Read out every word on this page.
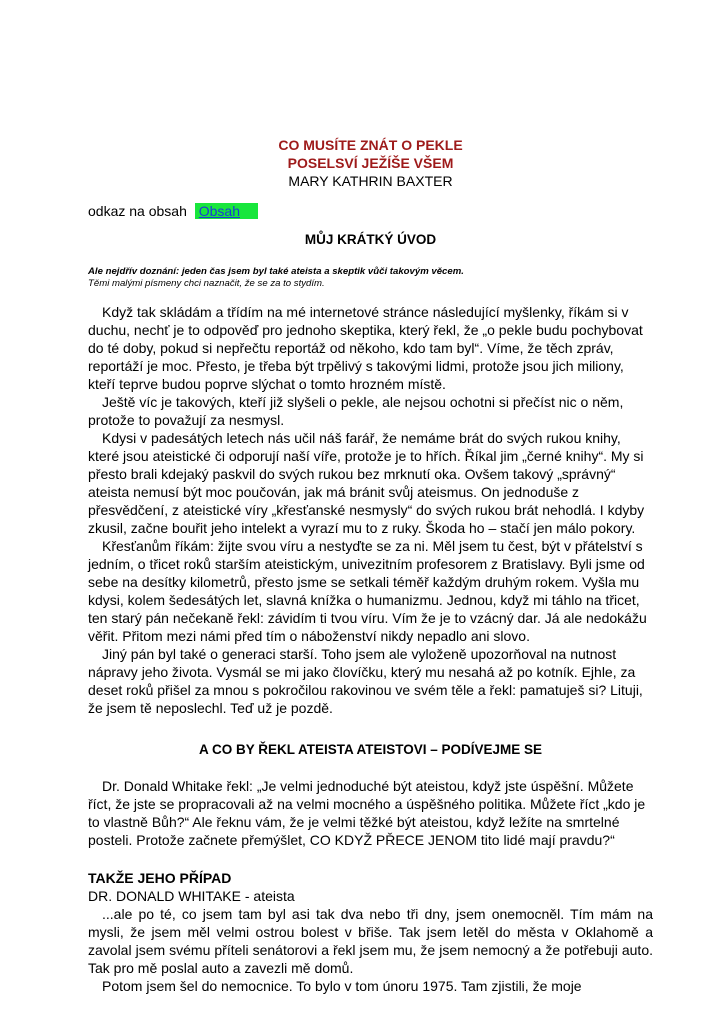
CO MUSÍTE ZNÁT O PEKLE
POSELSVÍ JEŽÍŠE VŠEM
MARY KATHRIN BAXTER
odkaz na obsah Obsah
MŮJ KRÁTKÝ ÚVOD
Ale nejdřív doznání: jeden čas jsem byl také ateista a skeptik vůči takovým věcem.
Těmi malými písmeny chci naznačit, že se za to stydím.

Když tak skládám a třídím na mé internetové stránce následující myšlenky, říkám si v duchu, nechť je to odpověď pro jednoho skeptika, který řekl, že „o pekle budu pochybovat do té doby, pokud si nepřečtu reportáž od někoho, kdo tam byl“. Víme, že těch zpráv, reportáží je moc. Přesto, je třeba být trpělivý s takovými lidmi, protože jsou jich miliony, kteří teprve budou poprve slýchat o tomto hrozném místě.

Ještě víc je takových, kteří již slyšeli o pekle, ale nejsou ochotni si přečíst nic o něm, protože to považují za nesmysl.

Kdysi v padesátých letech nás učil náš farář, že nemáme brát do svých rukou knihy, které jsou ateistické či odporují naší víře, protože je to hřích. Říkal jim „černé knihy“. My si přesto brali kdejaký paskvil do svých rukou bez mrknutí oka. Ovšem takový „správný“ ateista nemusí být moc poučován, jak má bránit svůj ateismus. On jednoduše z přesvědčení, z ateistické víry „křesťanské nesmysly“ do svých rukou brát nehodlá. I kdyby zkusil, začne bouřit jeho intelekt a vyrazí mu to z ruky. Škoda ho – stačí jen málo pokory.

Křesťanům říkám: žijte svou víru a nestyďte se za ni. Měl jsem tu čest, být v přátelství s jedním, o třicet roků starším ateistickým, univezitním profesorem z Bratislavy. Byli jsme od sebe na desítky kilometrů, přesto jsme se setkali téměř každým druhým rokem. Vyšla mu kdysi, kolem šedesátých let, slavná knížka o humanizmu. Jednou, když mi táhlo na třicet, ten starý pán nečekaně řekl: závidím ti tvou víru. Vím že je to vzácný dar. Já ale nedokážu věřit. Přitom mezi námi před tím o náboženství nikdy nepadlo ani slovo.

Jiný pán byl také o generaci starší. Toho jsem ale vyloženě upozorňoval na nutnost nápravy jeho života. Vysmál se mi jako človíčku, který mu nesahá až po kotník. Ejhle, za deset roků přišel za mnou s pokročilou rakovinou ve svém těle a řekl: pamatuješ si? Lituji, že jsem tě neposlechl. Teď už je pozdě.

A CO BY ŘEKL ATEISTA ATEISTOVI – PODÍVEJME SE

Dr. Donald Whitake řekl: „Je velmi jednoduché být ateistou, když jste úspěšní. Můžete říct, že jste se propracovali až na velmi mocného a úspěšného politika. Můžete říct „kdo je to vlastně Bůh?“ Ale řeknu vám, že je velmi těžké být ateistou, když ležíte na smrtelné posteli. Protože začnete přemýšlet, CO KDYŽ PŘECE JENOM tito lidé mají pravdu?“

TAKŽE JEHO PŘÍPAD
DR. DONALD WHITAKE - ateista

...ale po té, co jsem tam byl asi tak dva nebo tři dny, jsem onemocněl. Tím mám na mysli, že jsem měl velmi ostrou bolest v břiše. Tak jsem letěl do města v Oklahomě a zavolal jsem svému příteli senátorovi a řekl jsem mu, že jsem nemocný a že potřebuji auto. Tak pro mě poslal auto a zavezli mě domů.

Potom jsem šel do nemocnice. To bylo v tom únoru 1975. Tam zjistili, že moje
